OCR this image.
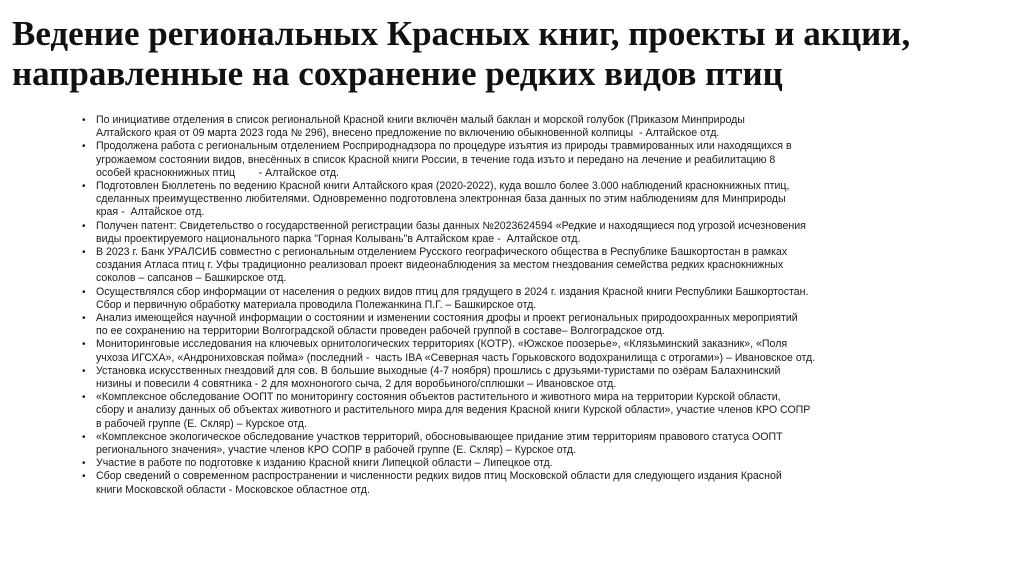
Ведение региональных Красных книг, проекты и акции,
направленные на сохранение редких видов птиц
• По инициативе отделения в список региональной Красной книги включён малый баклан и морской голубок (Приказом Минприроды
Алтайского края от 09 марта 2023 года № 296), внесено предложение по включению обыкновенной колпицы  - Алтайское отд.
• Продолжена работа с региональным отделением Росприроднадзора по процедуре изъятия из природы травмированных или находящихся в
угрожаемом состоянии видов, внесённых в список Красной книги России, в течение года изъто и передано на лечение и реабилитацию 8
особей краснокнижных птиц        - Алтайское отд.
• Подготовлен Бюллетень по ведению Красной книги Алтайского края (2020-2022), куда вошло более 3.000 наблюдений краснокнижных птиц,
сделанных преимущественно любителями. Одновременно подготовлена электронная база данных по этим наблюдениям для Минприроды
края -  Алтайское отд.
• Получен патент: Свидетельство о государственной регистрации базы данных №2023624594 «Редкие и находящиеся под угрозой исчезновения
виды проектируемого национального парка "Горная Колывань"в Алтайском крае -  Алтайское отд.
• В 2023 г. Банк УРАЛСИБ совместно с региональным отделением Русского географического общества в Республике Башкортостан в рамках
создания Атласа птиц г. Уфы традиционно реализовал проект видеонаблюдения за местом гнездования семейства редких краснокнижных
соколов – сапсанов – Башкирское отд.
• Осуществлялся сбор информации от населения о редких видов птиц для грядущего в 2024 г. издания Красной книги Республики Башкортостан.
Сбор и первичную обработку материала проводила Полежанкина П.Г. – Башкирское отд.
• Анализ имеющейся научной информации о состоянии и изменении состояния дрофы и проект региональных природоохранных мероприятий
по ее сохранению на территории Волгоградской области проведен рабочей группой в составе– Волгоградское отд.
• Мониторинговые исследования на ключевых орнитологических территориях (КОТР). «Южское поозерье», «Клязьминский заказник», «Поля
учхоза ИГСХА», «Андрониховская пойма» (последний -  часть IBA «Северная часть Горьковского водохранилища с отрогами») – Ивановское отд.
• Установка искусственных гнездовий для сов. В большие выходные (4-7 ноября) прошлись с друзьями-туристами по озёрам Балахнинский
низины и повесили 4 совятника - 2 для мохноногого сыча, 2 для воробьиного/сплюшки – Ивановское отд.
• «Комплексное обследование ООПТ по мониторингу состояния объектов растительного и животного мира на территории Курской области,
сбору и анализу данных об объектах животного и растительного мира для ведения Красной книги Курской области», участие членов КРО СОПР
в рабочей группе (Е. Скляр) – Курское отд.
• «Комплексное экологическое обследование участков территорий, обосновывающее придание этим территориям правового статуса ООПТ
регионального значения», участие членов КРО СОПР в рабочей группе (Е. Скляр) – Курское отд.
• Участие в работе по подготовке к изданию Красной книги Липецкой области – Липецкое отд.
• Сбор сведений о современном распространении и численности редких видов птиц Московской области для следующего издания Красной
книги Московской области - Московское областное отд.
